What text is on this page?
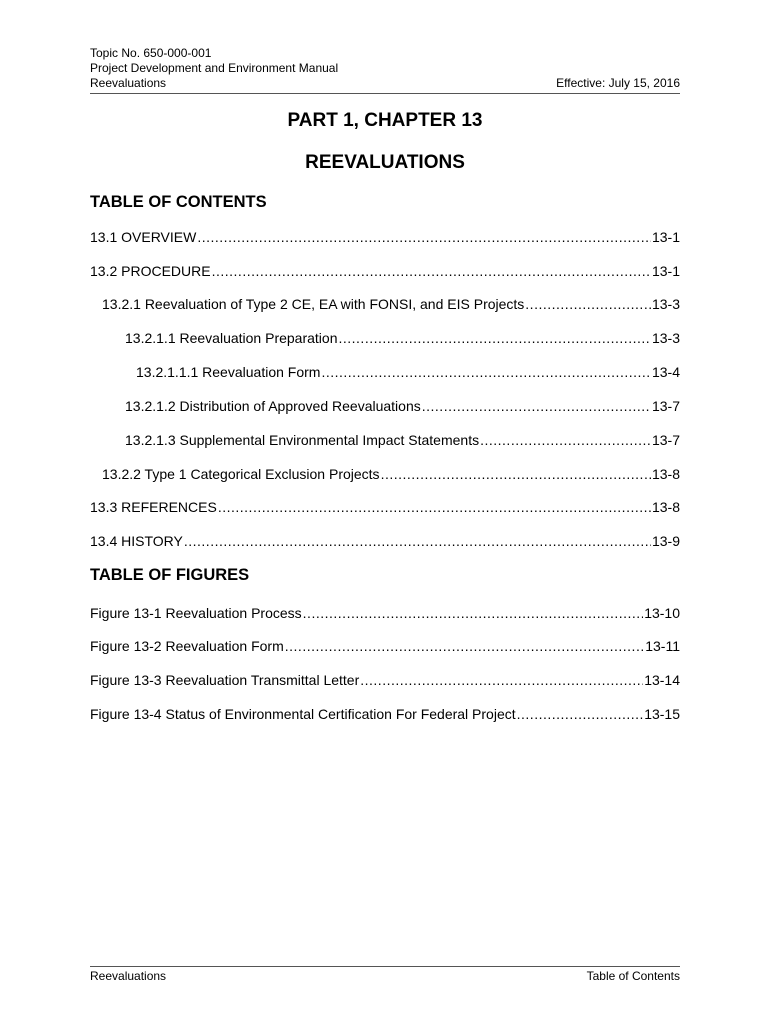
Topic No. 650-000-001
Project Development and Environment Manual
Reevaluations	Effective: July 15, 2016
PART 1, CHAPTER 13
REEVALUATIONS
TABLE OF CONTENTS
13.1 OVERVIEW .....	13-1
13.2 PROCEDURE .....	13-1
13.2.1 Reevaluation of Type 2 CE, EA with FONSI, and EIS Projects .....	13-3
13.2.1.1 Reevaluation Preparation .....	13-3
13.2.1.1.1 Reevaluation Form .....	13-4
13.2.1.2 Distribution of Approved Reevaluations .....	13-7
13.2.1.3 Supplemental Environmental Impact Statements .....	13-7
13.2.2 Type 1 Categorical Exclusion Projects .....	13-8
13.3 REFERENCES .....	13-8
13.4 HISTORY .....	13-9
TABLE OF FIGURES
Figure 13-1 Reevaluation Process .....	13-10
Figure 13-2 Reevaluation Form .....	13-11
Figure 13-3 Reevaluation Transmittal Letter .....	13-14
Figure 13-4 Status of Environmental Certification For Federal Project .....	13-15
Reevaluations	Table of Contents
